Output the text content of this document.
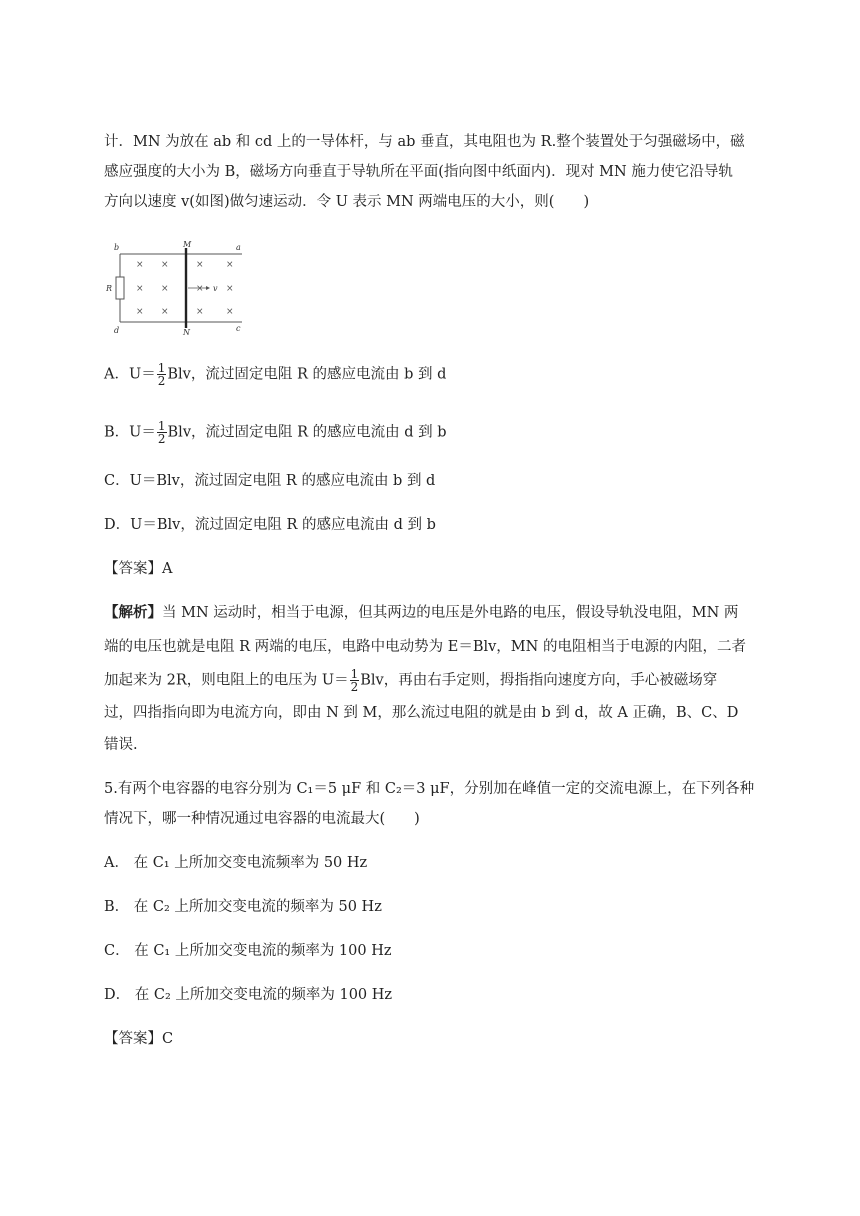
计．MN 为放在 ab 和 cd 上的一导体杆，与 ab 垂直，其电阻也为 R.整个装置处于匀强磁场中，磁
感应强度的大小为 B，磁场方向垂直于导轨所在平面(指向图中纸面内)．现对 MN 施力使它沿导轨
方向以速度 v(如图)做匀速运动．令 U 表示 MN 两端电压的大小，则(　　)
b	M	a
R	v
d	N	c
× ×	× ×
× ×	× ×
× ×	× ×
A．$U= \frac{1}{2}$ Blv，流过固定电阻 R 的感应电流由 b 到 d
B．$U= \frac{1}{2}$ Blv，流过固定电阻 R 的感应电流由 d 到 b
C．U＝Blv，流过固定电阻 R 的感应电流由 b 到 d
D．U＝Blv，流过固定电阻 R 的感应电流由 d 到 b
【答案】A
【解析】当 MN 运动时，相当于电源，但其两边的电压是外电路的电压，假设导轨没电阻，MN 两
端的电压也就是电阻 R 两端的电压，电路中电动势为 E＝Blv，MN 的电阻相当于电源的内阻，二者
加起来为 2R，则电阻上的电压为 $U= \frac{1}{2}$ Blv，再由右手定则，拇指指向速度方向，手心被磁场穿
过，四指指向即为电流方向，即由 N 到 M，那么流过电阻的就是由 b 到 d，故 A 正确，B、C、D
错误.
5.有两个电容器的电容分别为 C₁＝5 μF 和 C₂＝3 μF，分别加在峰值一定的交流电源上，在下列各种
情况下，哪一种情况通过电容器的电流最大(　　)
A． 在 C₁ 上所加交变电流频率为 50 Hz
B． 在 C₂ 上所加交变电流的频率为 50 Hz
C． 在 C₁ 上所加交变电流的频率为 100 Hz
D． 在 C₂ 上所加交变电流的频率为 100 Hz
【答案】C
